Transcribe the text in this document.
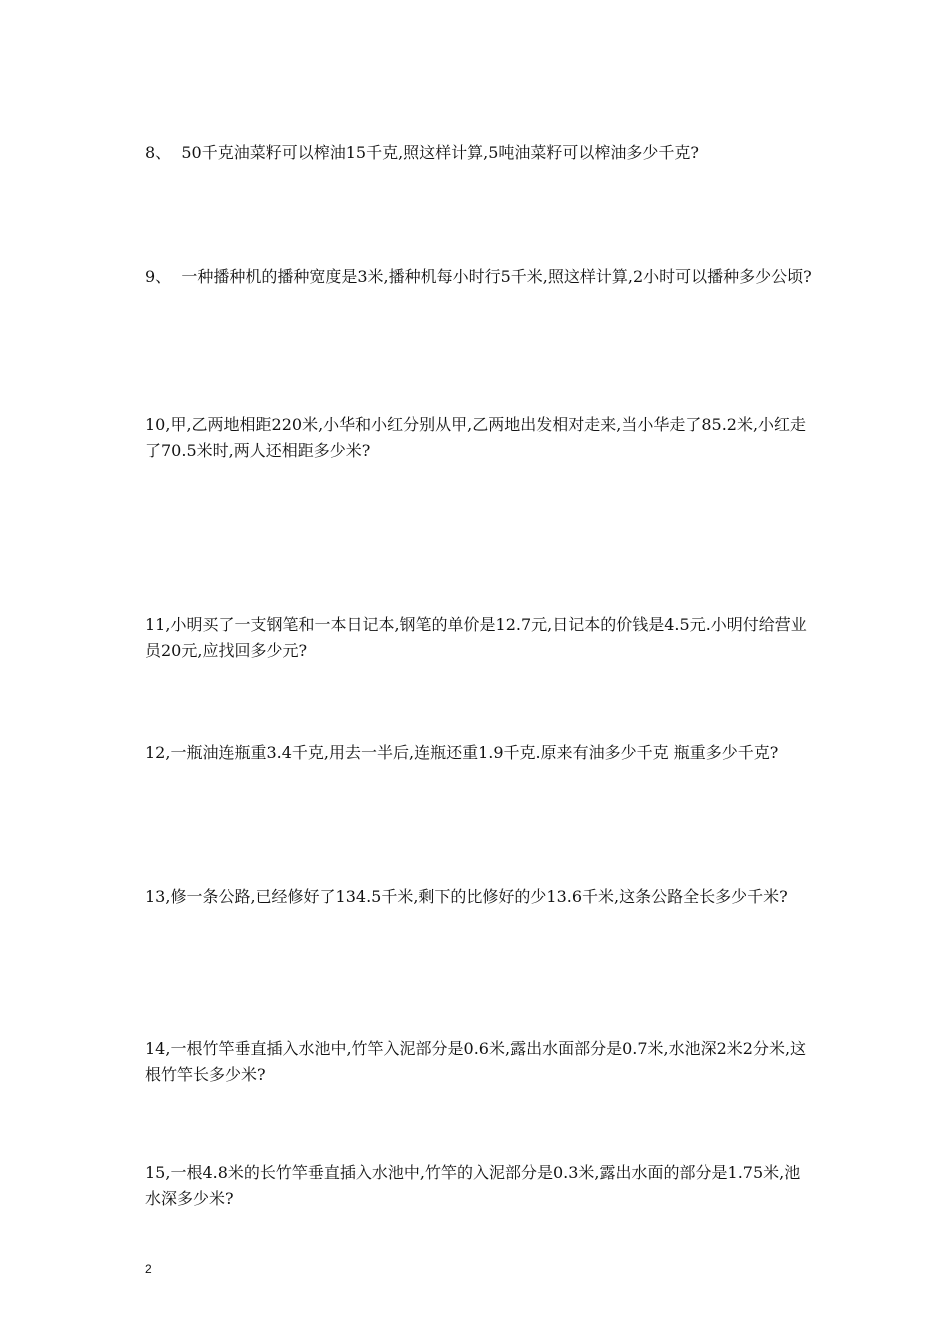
8、  50千克油菜籽可以榨油15千克,照这样计算,5吨油菜籽可以榨油多少千克?

9、  一种播种机的播种宽度是3米,播种机每小时行5千米,照这样计算,2小时可以播种多少公顷?

10,甲,乙两地相距220米,小华和小红分别从甲,乙两地出发相对走来,当小华走了85.2米,小红走了70.5米时,两人还相距多少米?

11,小明买了一支钢笔和一本日记本,钢笔的单价是12.7元,日记本的价钱是4.5元.小明付给营业员20元,应找回多少元?

12,一瓶油连瓶重3.4千克,用去一半后,连瓶还重1.9千克.原来有油多少千克 瓶重多少千克?

13,修一条公路,已经修好了134.5千米,剩下的比修好的少13.6千米,这条公路全长多少千米?

14,一根竹竿垂直插入水池中,竹竿入泥部分是0.6米,露出水面部分是0.7米,水池深2米2分米,这根竹竿长多少米?

15,一根4.8米的长竹竿垂直插入水池中,竹竿的入泥部分是0.3米,露出水面的部分是1.75米,池水深多少米?

2
